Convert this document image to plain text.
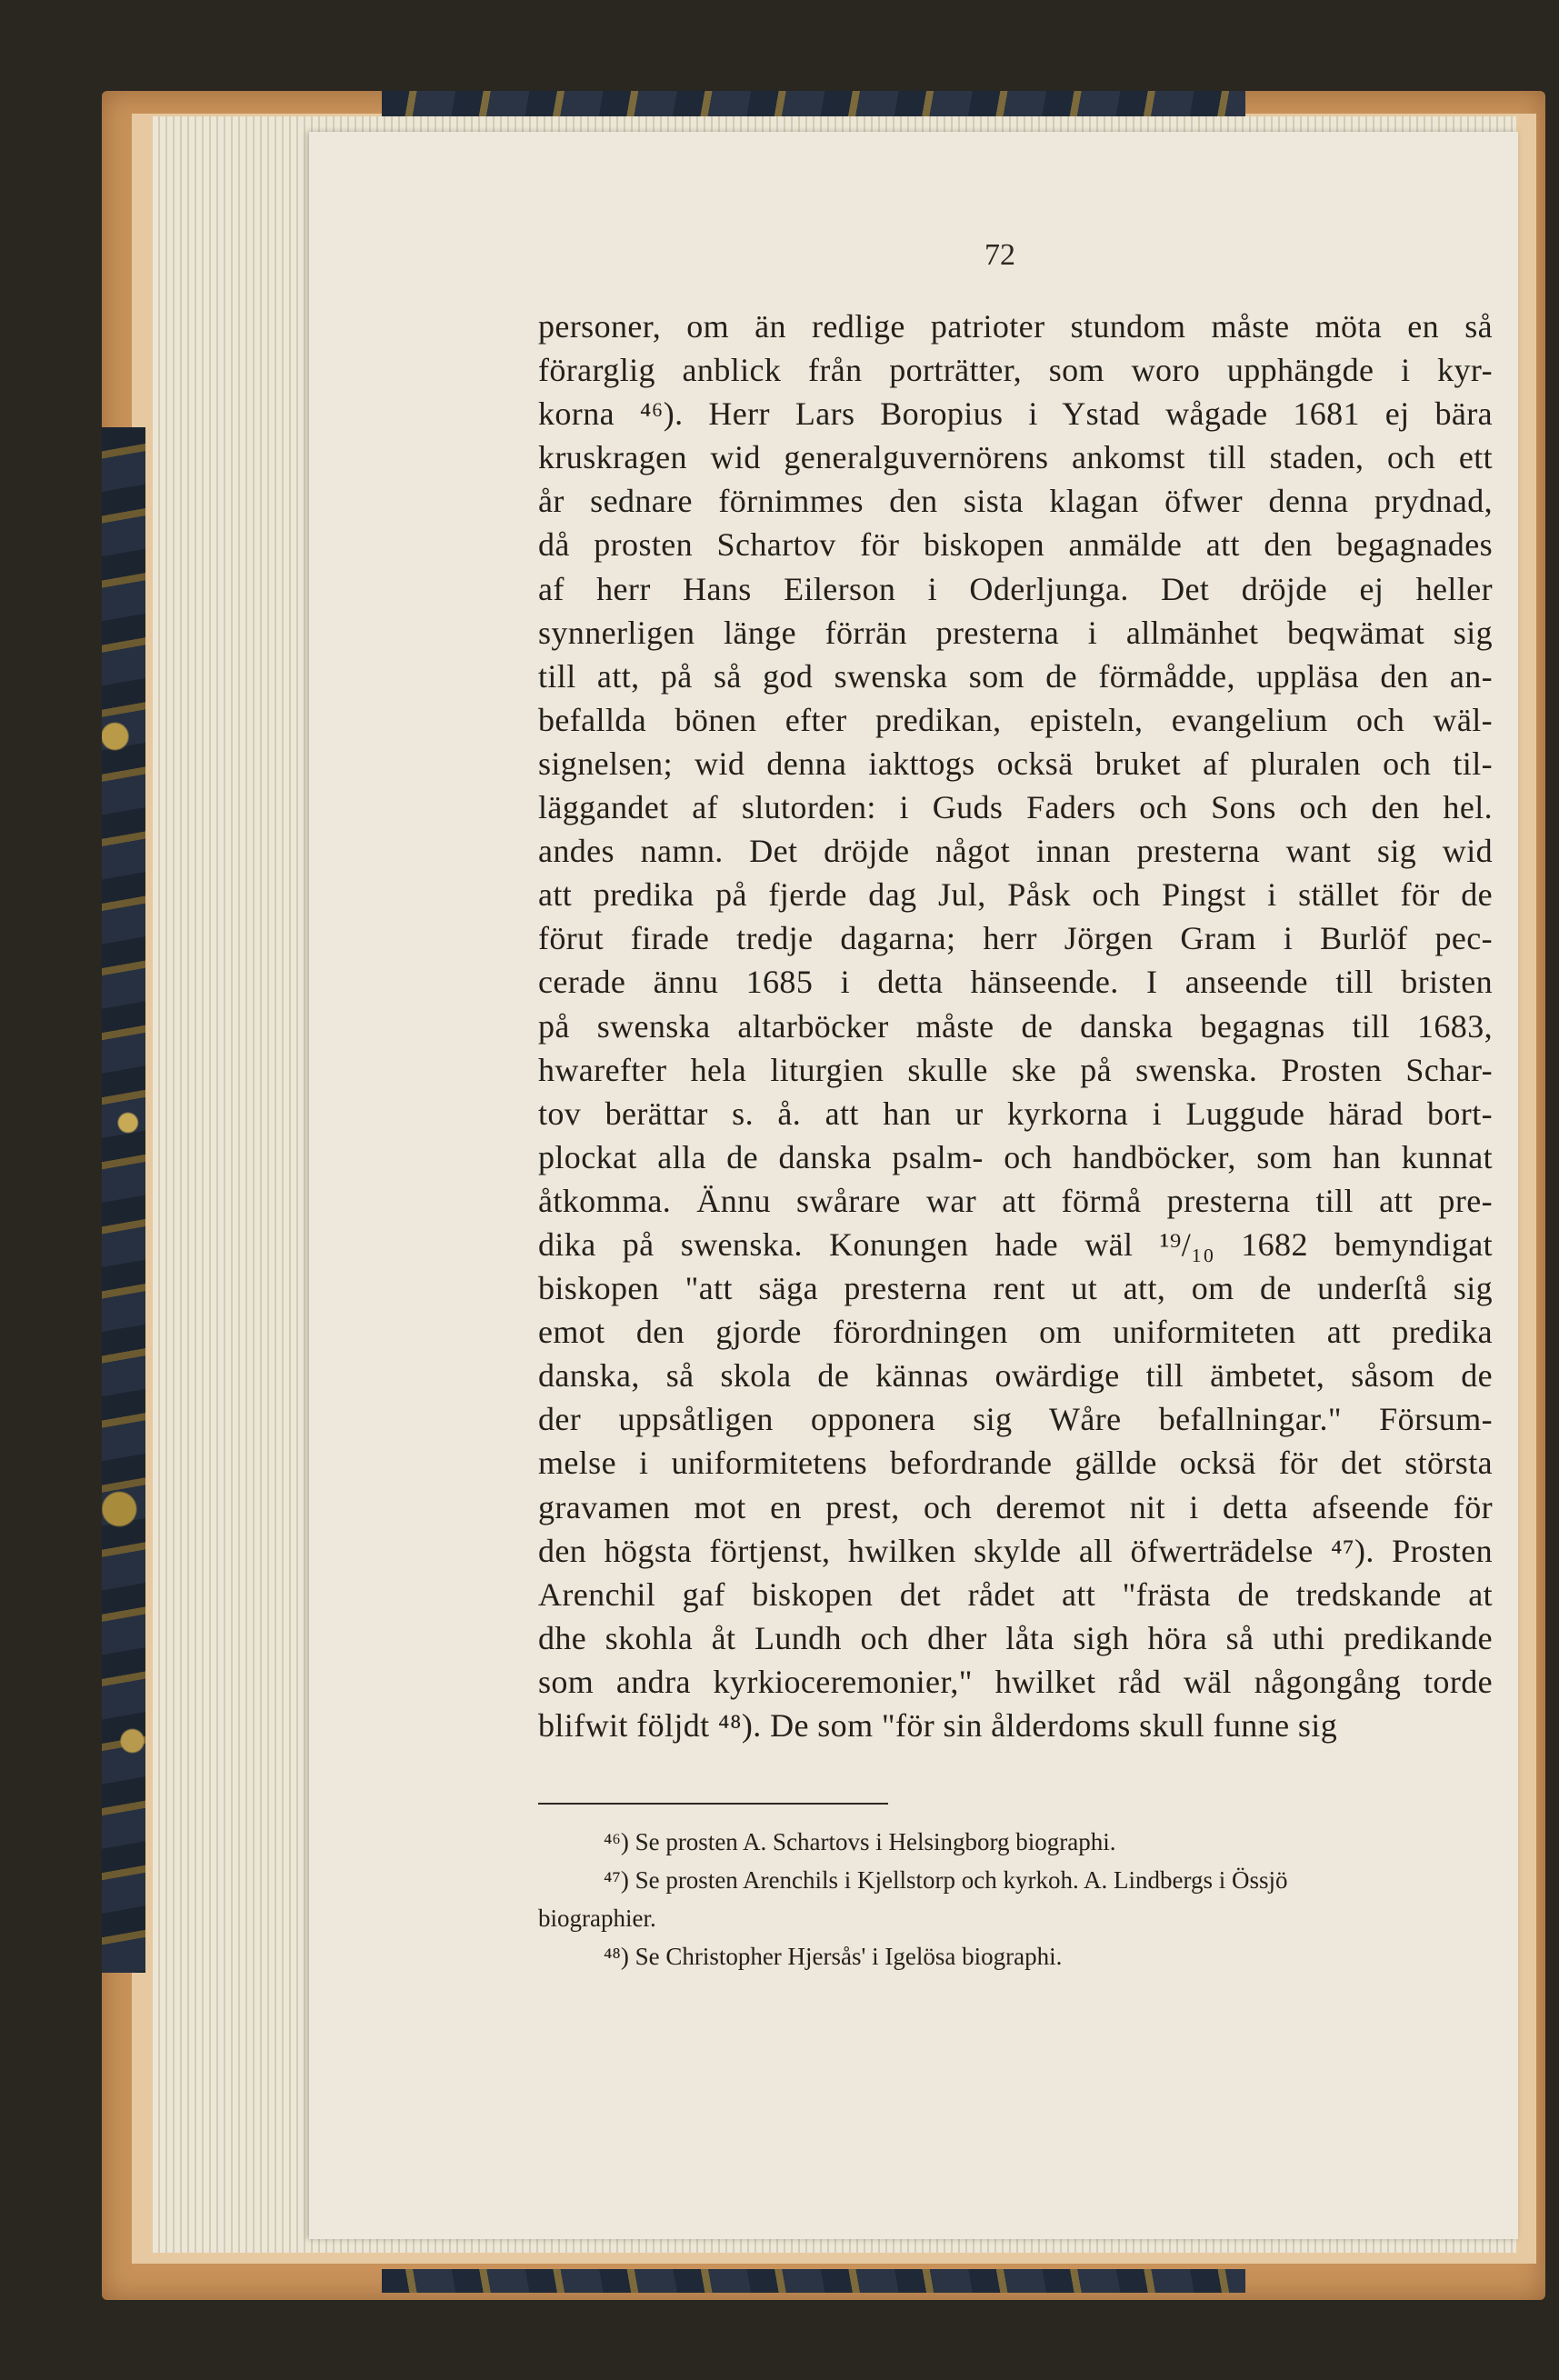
72
personer, om än redlige patrioter stundom måste möta en så
förarglig anblick från porträtter, som woro upphängde i kyr-
korna ⁴⁶). Herr Lars Boropius i Ystad wågade 1681 ej bära
kruskragen wid generalguvernörens ankomst till staden, och ett
år sednare förnimmes den sista klagan öfwer denna prydnad,
då prosten Schartov för biskopen anmälde att den begagnades
af herr Hans Eilerson i Oderljunga. Det dröjde ej heller
synnerligen länge förrän presterna i allmänhet beqwämat sig
till att, på så god swenska som de förmådde, uppläsa den an-
befallda bönen efter predikan, episteln, evangelium och wäl-
signelsen; wid denna iakttogs ocksä bruket af pluralen och til-
läggandet af slutorden: i Guds Faders och Sons och den hel.
andes namn. Det dröjde något innan presterna want sig wid
att predika på fjerde dag Jul, Påsk och Pingst i stället för de
förut firade tredje dagarna; herr Jörgen Gram i Burlöf pec-
cerade ännu 1685 i detta hänseende. I anseende till bristen
på swenska altarböcker måste de danska begagnas till 1683,
hwarefter hela liturgien skulle ske på swenska. Prosten Schar-
tov berättar s. å. att han ur kyrkorna i Luggude härad bort-
plockat alla de danska psalm- och handböcker, som han kunnat
åtkomma. Ännu swårare war att förmå presterna till att pre-
dika på swenska. Konungen hade wäl ¹⁹/₁₀ 1682 bemyndigat
biskopen "att säga presterna rent ut att, om de underſtå sig
emot den gjorde förordningen om uniformiteten att predika
danska, så skola de kännas owärdige till ämbetet, såsom de
der uppsåtligen opponera sig Wåre befallningar." Försum-
melse i uniformitetens befordrande gällde ocksä för det största
gravamen mot en prest, och deremot nit i detta afseende för
den högsta förtjenst, hwilken skylde all öfwerträdelse ⁴⁷). Prosten
Arenchil gaf biskopen det rådet att "frästa de tredskande at
dhe skohla åt Lundh och dher låta sigh höra så uthi predikande
som andra kyrkioceremonier," hwilket råd wäl någongång torde
blifwit följdt ⁴⁸). De som "för sin ålderdoms skull funne sig
⁴⁶) Se prosten A. Schartovs i Helsingborg biographi.
⁴⁷) Se prosten Arenchils i Kjellstorp och kyrkoh. A. Lindbergs i Össjö
biographier.
⁴⁸) Se Christopher Hjersås' i Igelösa biographi.
